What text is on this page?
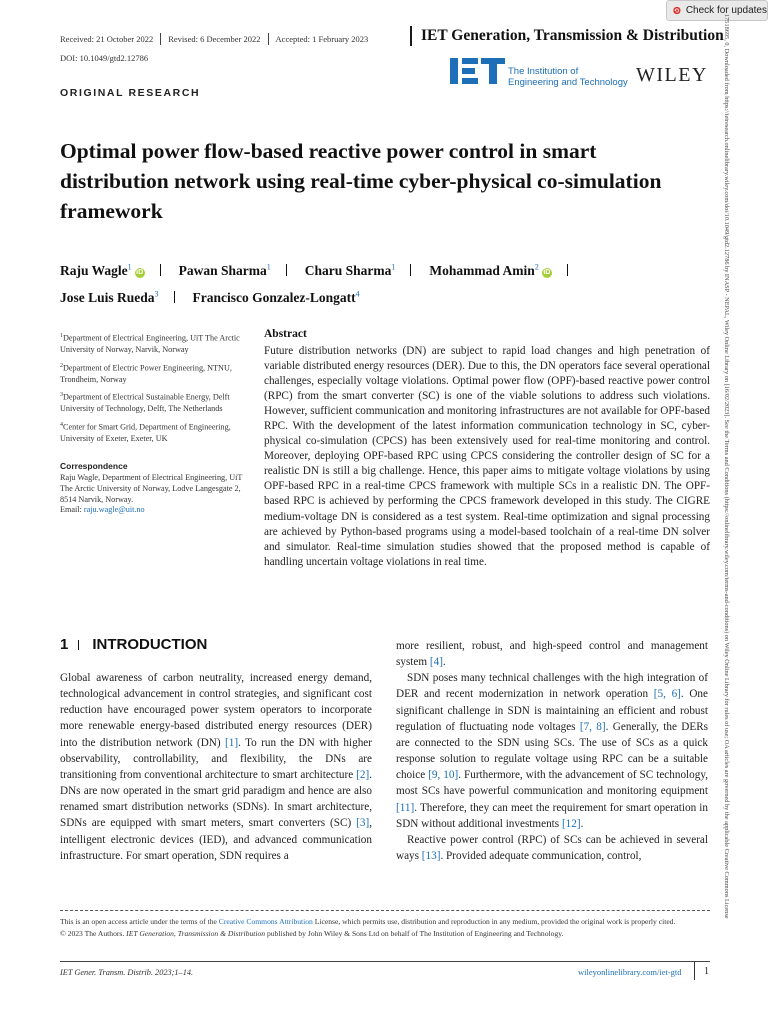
Check for updates
17518695, 0, Downloaded from https://ietresearch.onlinelibrary.wiley.com/doi/10.1049/gtd2.12786 by INASP - NEPAL, Wiley Online Library on [16/02/2023]. See the Terms and Conditions (https://onlinelibrary.wiley.com/terms-and-conditions) on Wiley Online Library for rules of use; OA articles are governed by the applicable Creative Commons License
Received: 21 October 2022 Revised: 6 December 2022 Accepted: 1 February 2023	IET Generation, Transmission & Distribution
DOI: 10.1049/gtd2.12786
ORIGINAL RESEARCH
The Institution of
Engineering and Technology WILEY
Optimal power flow-based reactive power control in smart distribution network using real-time cyber-physical co-simulation framework
Raju Wagle$^1$iD	Pawan Sharma$^1$	Charu Sharma$^1$	Mohammad Amin$^2$iD
Jose Luis Rueda$^3$	Francisco Gonzalez-Longatt$^4$
$^1$Department of Electrical Engineering, UiT The Arctic University of Norway, Narvik, Norway
$^2$Department of Electric Power Engineering, NTNU, Trondheim, Norway
$^3$Department of Electrical Sustainable Energy, Delft University of Technology, Delft, The Netherlands
$^4$Center for Smart Grid, Department of Engineering, University of Exeter, Exeter, UK
Correspondence
Raju Wagle, Department of Electrical Engineering, UiT The Arctic University of Norway, Lodve Langesgate 2, 8514 Narvik, Norway.
Email: raju.wagle@uit.no
Abstract
Future distribution networks (DN) are subject to rapid load changes and high penetration of variable distributed energy resources (DER). Due to this, the DN operators face several operational challenges, especially voltage violations. Optimal power flow (OPF)-based reactive power control (RPC) from the smart converter (SC) is one of the viable solutions to address such violations. However, sufficient communication and monitoring infrastructures are not available for OPF-based RPC. With the development of the latest information communication technology in SC, cyber-physical co-simulation (CPCS) has been extensively used for real-time monitoring and control. Moreover, deploying OPF-based RPC using CPCS considering the controller design of SC for a realistic DN is still a big challenge. Hence, this paper aims to mitigate voltage violations by using OPF-based RPC in a real-time CPCS framework with multiple SCs in a realistic DN. The OPF-based RPC is achieved by performing the CPCS framework developed in this study. The CIGRE medium-voltage DN is considered as a test system. Real-time optimization and signal processing are achieved by Python-based programs using a model-based toolchain of a real-time DN solver and simulator. Real-time simulation studies showed that the proposed method is capable of handling uncertain voltage violations in real time.
1 INTRODUCTION

Global awareness of carbon neutrality, increased energy demand, technological advancement in control strategies, and significant cost reduction have encouraged power system operators to incorporate more renewable energy-based distributed energy resources (DER) into the distribution network (DN) [1]. To run the DN with higher observability, controllability, and flexibility, the DNs are transitioning from conventional architecture to smart architecture [2]. DNs are now operated in the smart grid paradigm and hence are also renamed smart distribution networks (SDNs). In smart architecture, SDNs are equipped with smart meters, smart converters (SC) [3], intelligent electronic devices (IED), and advanced communication infrastructure. For smart operation, SDN requires a

more resilient, robust, and high-speed control and management system [4].

SDN poses many technical challenges with the high integration of DER and recent modernization in network operation [5, 6]. One significant challenge in SDN is maintaining an efficient and robust regulation of fluctuating node voltages [7, 8]. Generally, the DERs are connected to the SDN using SCs. The use of SCs as a quick response solution to regulate voltage using RPC can be a suitable choice [9, 10]. Furthermore, with the advancement of SC technology, most SCs have powerful communication and monitoring equipment [11]. Therefore, they can meet the requirement for smart operation in SDN without additional investments [12].

Reactive power control (RPC) of SCs can be achieved in several ways [13]. Provided adequate communication, control,

This is an open access article under the terms of the Creative Commons Attribution License, which permits use, distribution and reproduction in any medium, provided the original work is properly cited.
© 2023 The Authors. IET Generation, Transmission & Distribution published by John Wiley & Sons Ltd on behalf of The Institution of Engineering and Technology.
IET Gener. Transm. Distrib. 2023;1–14.	wileyonlinelibrary.com/iet-gtd 1
